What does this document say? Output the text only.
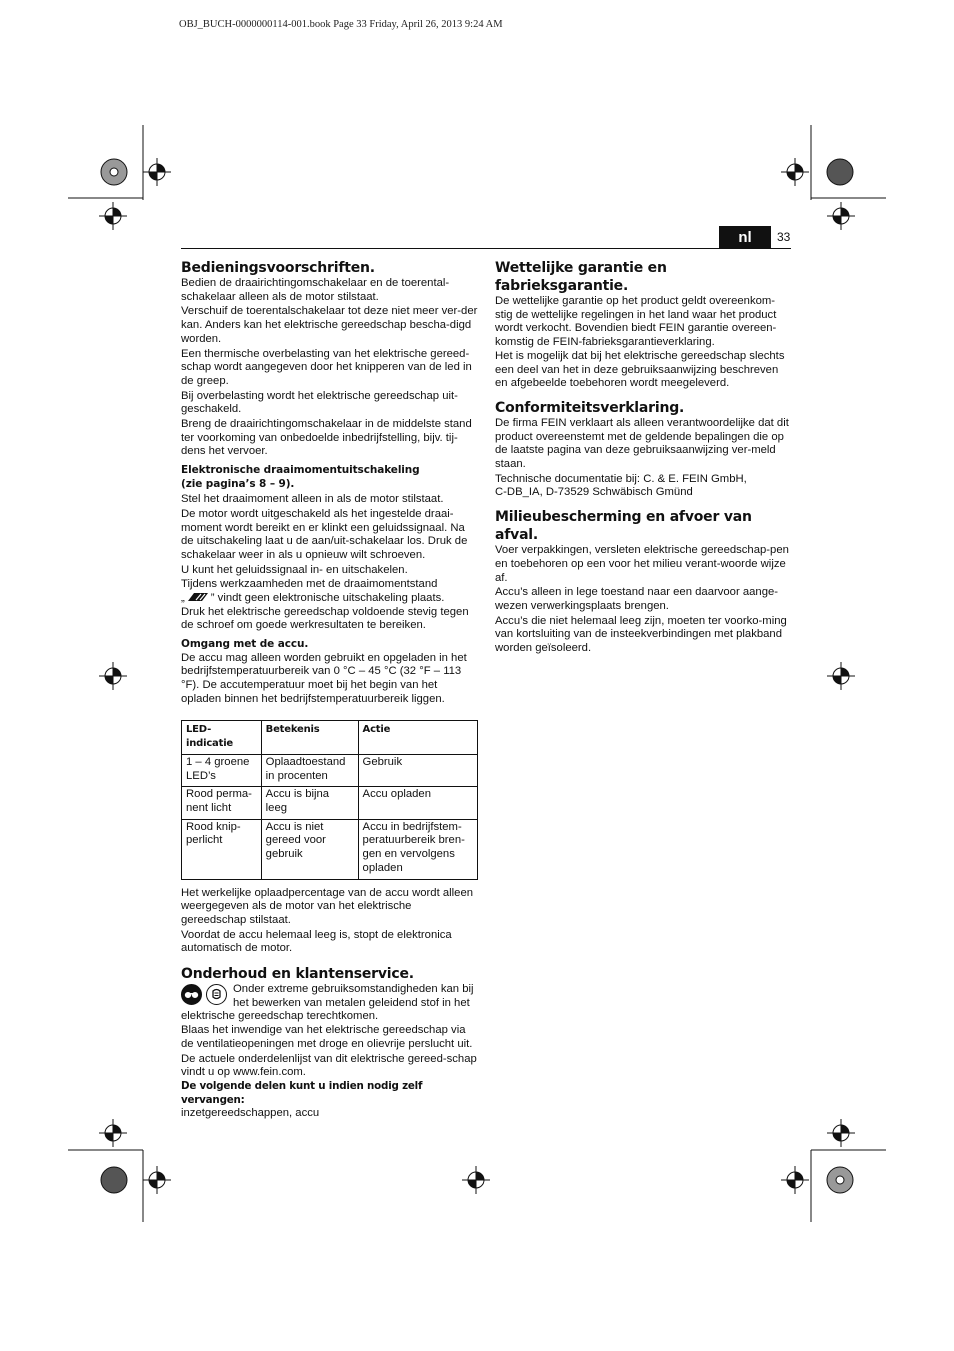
OBJ_BUCH-0000000114-001.book Page 33 Friday, April 26, 2013 9:24 AM
nl	33
Bedieningsvoorschriften.

Bedien de draairichtingomschakelaar en de toerental-schakelaar alleen als de motor stilstaat.

Verschuif de toerentalschakelaar tot deze niet meer ver-der kan. Anders kan het elektrische gereedschap bescha-digd worden.

Een thermische overbelasting van het elektrische gereed-schap wordt aangegeven door het knipperen van de led in de greep.

Bij overbelasting wordt het elektrische gereedschap uit-geschakeld.

Breng de draairichtingomschakelaar in de middelste stand ter voorkoming van onbedoelde inbedrijfstelling, bijv. tij-dens het vervoer.

Elektronische draaimomentuitschakeling
(zie pagina’s 8 – 9).

Stel het draaimoment alleen in als de motor stilstaat.

De motor wordt uitgeschakeld als het ingestelde draai-moment wordt bereikt en er klinkt een geluidssignaal. Na de uitschakeling laat u de aan/uit-schakelaar los. Druk de schakelaar weer in als u opnieuw wilt schroeven.

U kunt het geluidssignaal in- en uitschakelen.

Tijdens werkzaamheden met de draaimomentstand

„ ” vindt geen elektronische uitschakeling plaats.

Druk het elektrische gereedschap voldoende stevig tegen de schroef om goede werkresultaten te bereiken.

Omgang met de accu.

De accu mag alleen worden gebruikt en opgeladen in het bedrijfstemperatuurbereik van 0 °C – 45 °C (32 °F – 113 °F). De accutemperatuur moet bij het begin van het opladen binnen het bedrijfstemperatuurbereik liggen.

LED-indicatie	Betekenis	Actie
1 – 4 groene LED’s	Oplaadtoestand in procenten	Gebruik
Rood perma-nent licht	Accu is bijna leeg	Accu opladen
Rood knip-perlicht	Accu is niet gereed voor gebruik	Accu in bedrijfstem-peratuurbereik bren-gen en vervolgens opladen

Het werkelijke oplaadpercentage van de accu wordt alleen weergegeven als de motor van het elektrische gereedschap stilstaat.

Voordat de accu helemaal leeg is, stopt de elektronica automatisch de motor.

Onderhoud en klantenservice.

Onder extreme gebruiksomstandigheden kan bij het bewerken van metalen geleidend stof in het elektrische gereedschap terechtkomen.

Blaas het inwendige van het elektrische gereedschap via de ventilatieopeningen met droge en olievrije perslucht uit.

De actuele onderdelenlijst van dit elektrische gereed-schap vindt u op www.fein.com.

De volgende delen kunt u indien nodig zelf vervangen:

inzetgereedschappen, accu

Wettelijke garantie en fabrieksgarantie.

De wettelijke garantie op het product geldt overeenkom-stig de wettelijke regelingen in het land waar het product wordt verkocht. Bovendien biedt FEIN garantie overeen-komstig de FEIN-fabrieksgarantieverklaring.

Het is mogelijk dat bij het elektrische gereedschap slechts een deel van het in deze gebruiksaanwijzing beschreven en afgebeelde toebehoren wordt meegeleverd.

Conformiteitsverklaring.

De firma FEIN verklaart als alleen verantwoordelijke dat dit product overeenstemt met de geldende bepalingen die op de laatste pagina van deze gebruiksaanwijzing ver-meld staan.

Technische documentatie bij: C. & E. FEIN GmbH,

C-DB_IA, D-73529 Schwäbisch Gmünd

Milieubescherming en afvoer van afval.

Voer verpakkingen, versleten elektrische gereedschap-pen en toebehoren op een voor het milieu verant-woorde wijze af.

Accu’s alleen in lege toestand naar een daarvoor aange-wezen verwerkingsplaats brengen.

Accu’s die niet helemaal leeg zijn, moeten ter voorko-ming van kortsluiting van de insteekverbindingen met plakband worden geïsoleerd.
